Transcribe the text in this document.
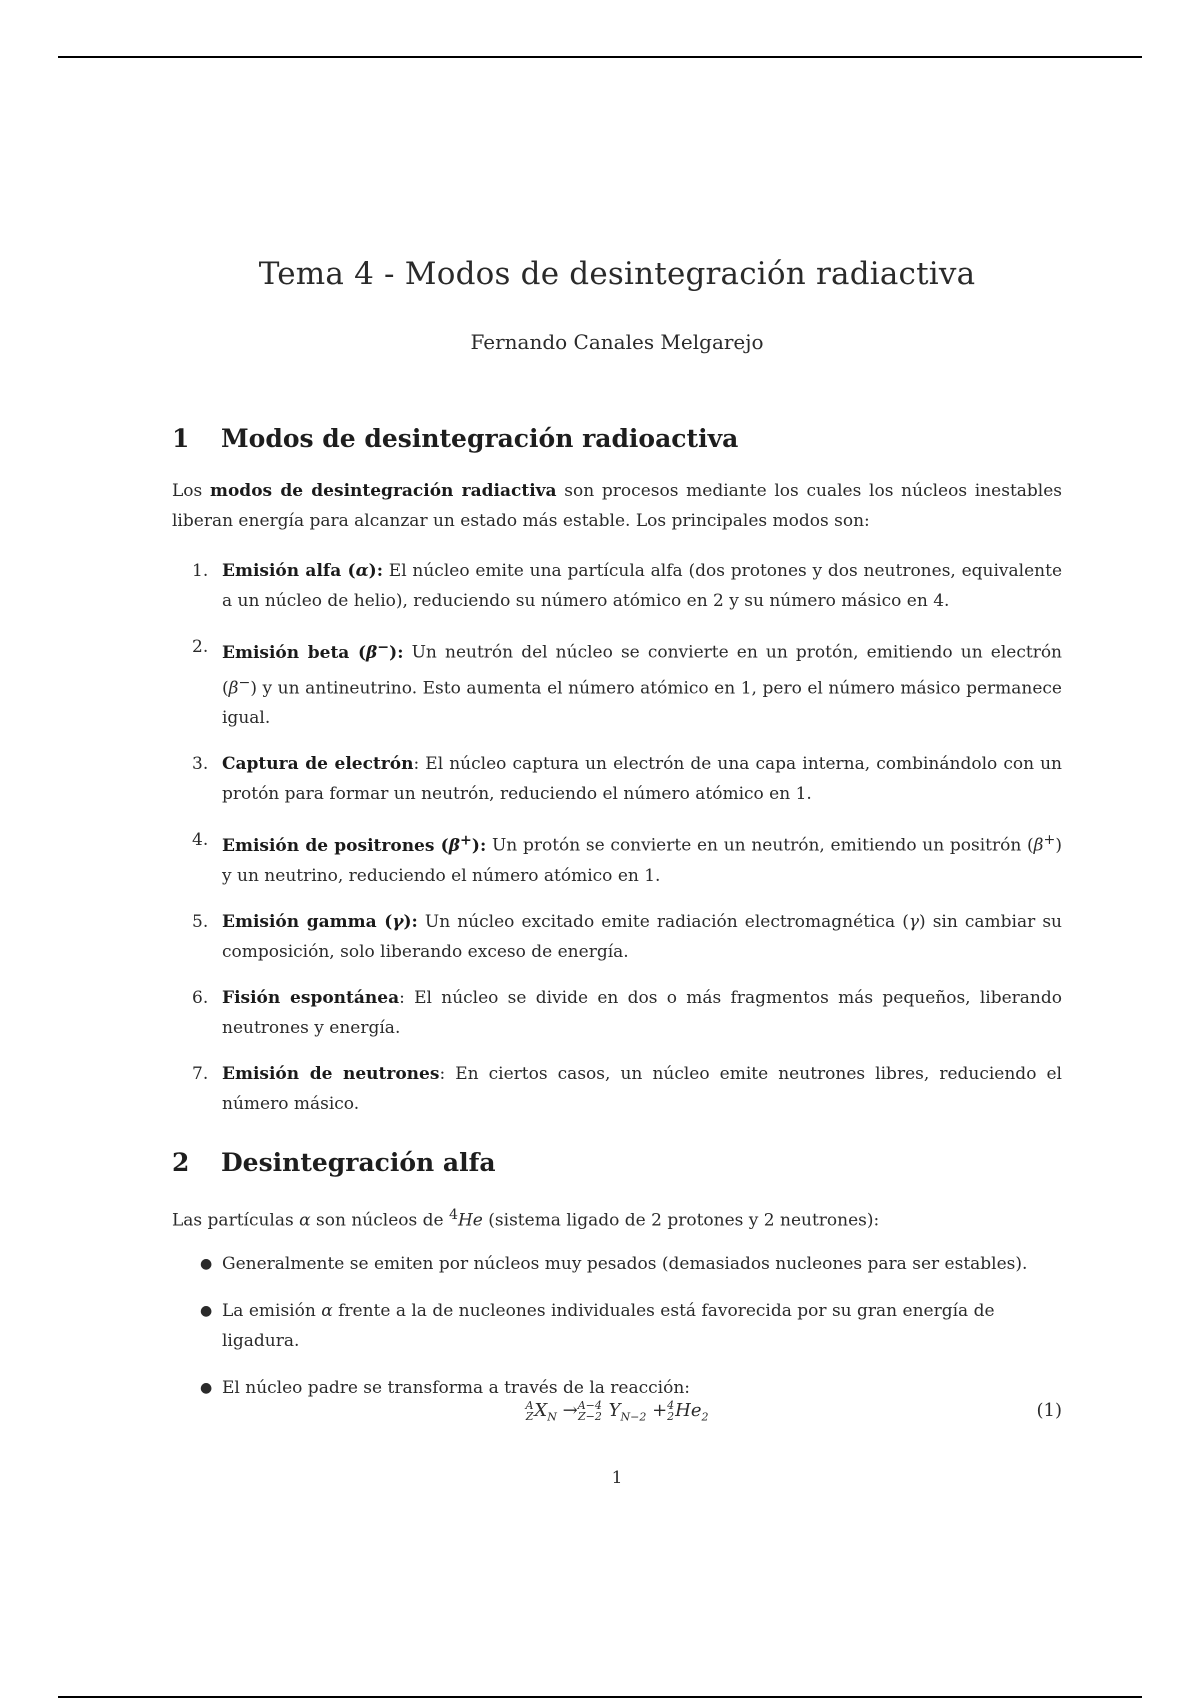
Tema 4 - Modos de desintegración radiactiva
Fernando Canales Melgarejo
1 Modos de desintegración radioactiva

Los modos de desintegración radiactiva son procesos mediante los cuales los núcleos inestables liberan energía para alcanzar un estado más estable. Los principales modos son:

1. Emisión alfa (α): El núcleo emite una partícula alfa (dos protones y dos neutrones, equivalente a un núcleo de helio), reduciendo su número atómico en 2 y su número másico en 4.
2. Emisión beta (β−): Un neutrón del núcleo se convierte en un protón, emitiendo un electrón (β−) y un antineutrino. Esto aumenta el número atómico en 1, pero el número másico permanece igual.
3. Captura de electrón: El núcleo captura un electrón de una capa interna, combinándolo con un protón para formar un neutrón, reduciendo el número atómico en 1.
4. Emisión de positrones (β+): Un protón se convierte en un neutrón, emitiendo un positrón (β+) y un neutrino, reduciendo el número atómico en 1.
5. Emisión gamma (γ): Un núcleo excitado emite radiación electromagnética (γ) sin cambiar su composición, solo liberando exceso de energía.
6. Fisión espontánea: El núcleo se divide en dos o más fragmentos más pequeños, liberando neutrones y energía.
7. Emisión de neutrones: En ciertos casos, un núcleo emite neutrones libres, reduciendo el número másico.
2 Desintegración alfa

Las partículas α son núcleos de $^4$He (sistema ligado de 2 protones y 2 neutrones):

● Generalmente se emiten por núcleos muy pesados (demasiados nucleones para ser estables).
● La emisión α frente a la de nucleones individuales está favorecida por su gran energía de ligadura.
● El núcleo padre se transforma a través de la reacción:
A
Z $X_N \to A-4$
Z−2 $Y_{N-2} + 4$
2 $He_2$	(1)
1
